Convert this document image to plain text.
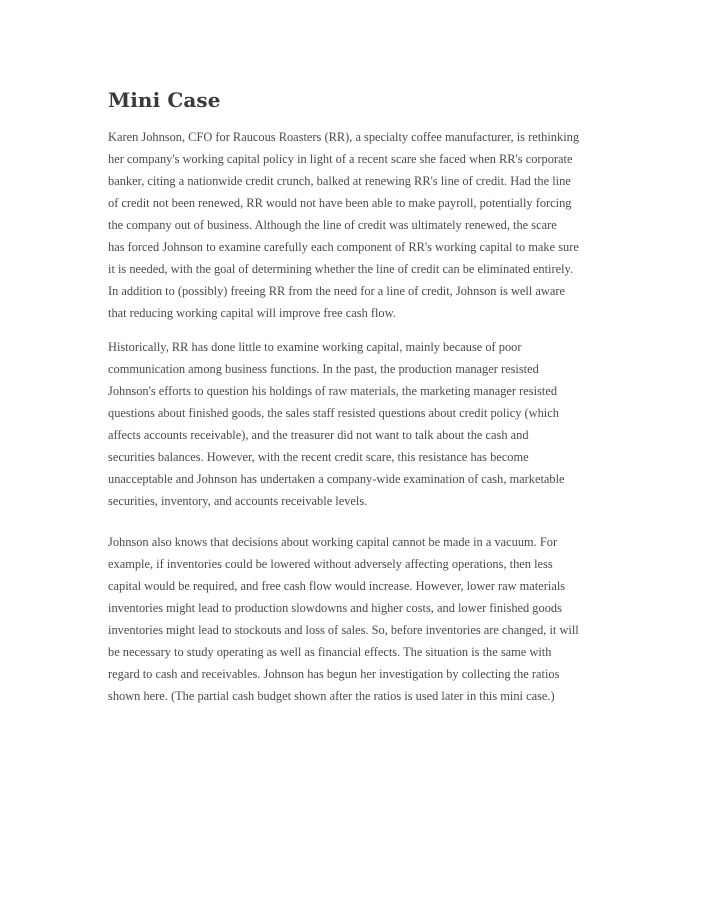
Mini Case

Karen Johnson, CFO for Raucous Roasters (RR), a specialty coffee manufacturer, is rethinking
her company's working capital policy in light of a recent scare she faced when RR's corporate
banker, citing a nationwide credit crunch, balked at renewing RR's line of credit. Had the line
of credit not been renewed, RR would not have been able to make payroll, potentially forcing
the company out of business. Although the line of credit was ultimately renewed, the scare
has forced Johnson to examine carefully each component of RR's working capital to make sure
it is needed, with the goal of determining whether the line of credit can be eliminated entirely.
In addition to (possibly) freeing RR from the need for a line of credit, Johnson is well aware
that reducing working capital will improve free cash flow.

Historically, RR has done little to examine working capital, mainly because of poor
communication among business functions. In the past, the production manager resisted
Johnson's efforts to question his holdings of raw materials, the marketing manager resisted
questions about finished goods, the sales staff resisted questions about credit policy (which
affects accounts receivable), and the treasurer did not want to talk about the cash and
securities balances. However, with the recent credit scare, this resistance has become
unacceptable and Johnson has undertaken a company-wide examination of cash, marketable
securities, inventory, and accounts receivable levels.

Johnson also knows that decisions about working capital cannot be made in a vacuum. For
example, if inventories could be lowered without adversely affecting operations, then less
capital would be required, and free cash flow would increase. However, lower raw materials
inventories might lead to production slowdowns and higher costs, and lower finished goods
inventories might lead to stockouts and loss of sales. So, before inventories are changed, it will
be necessary to study operating as well as financial effects. The situation is the same with
regard to cash and receivables. Johnson has begun her investigation by collecting the ratios
shown here. (The partial cash budget shown after the ratios is used later in this mini case.)
